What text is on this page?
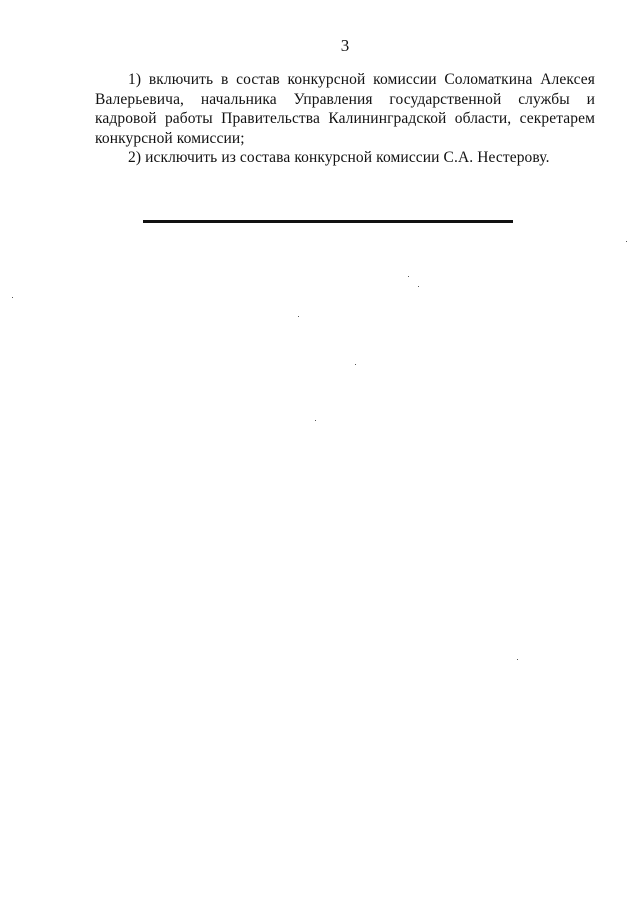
3

1) включить в состав конкурсной комиссии Соломаткина Алексея Валерьевича, начальника Управления государственной службы и кадровой работы Правительства Калининградской области, секретарем конкурсной комиссии;

2) исключить из состава конкурсной комиссии С.А. Нестерову.
